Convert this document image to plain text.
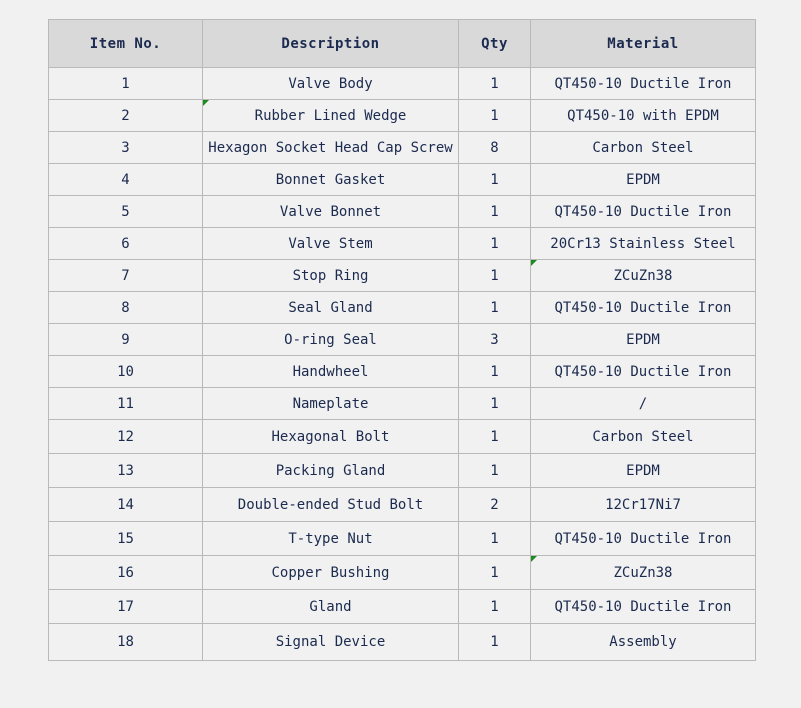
Item No.	Description	Qty	Material
1	Valve Body	1	QT450-10 Ductile Iron
2	Rubber Lined Wedge	1	QT450-10 with EPDM
3	Hexagon Socket Head Cap Screw	8	Carbon Steel
4	Bonnet Gasket	1	EPDM
5	Valve Bonnet	1	QT450-10 Ductile Iron
6	Valve Stem	1	20Cr13 Stainless Steel
7	Stop Ring	1	ZCuZn38
8	Seal Gland	1	QT450-10 Ductile Iron
9	O-ring Seal	3	EPDM
10	Handwheel	1	QT450-10 Ductile Iron
11	Nameplate	1	/
12	Hexagonal Bolt	1	Carbon Steel
13	Packing Gland	1	EPDM
14	Double-ended Stud Bolt	2	12Cr17Ni7
15	T-type Nut	1	QT450-10 Ductile Iron
16	Copper Bushing	1	ZCuZn38
17	Gland	1	QT450-10 Ductile Iron
18	Signal Device	1	Assembly
